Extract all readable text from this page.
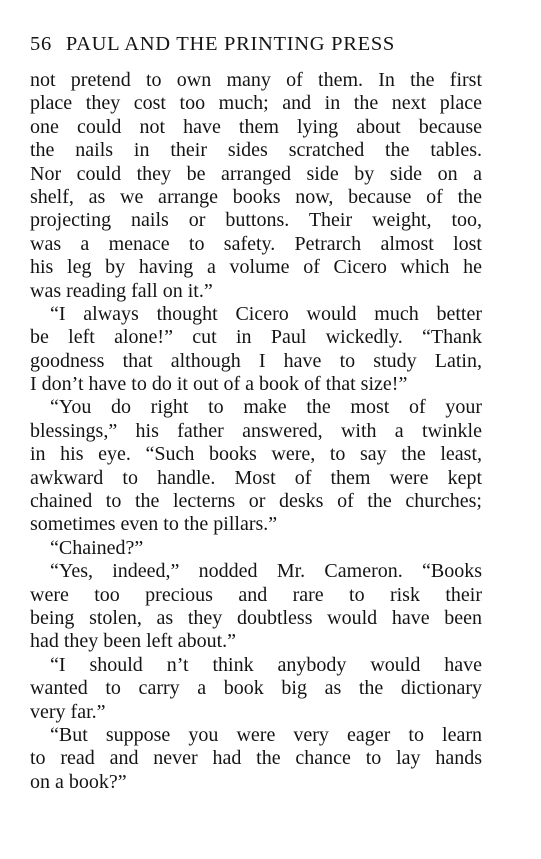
56 PAUL AND THE PRINTING PRESS
not pretend to own many of them. In the first
place they cost too much; and in the next place
one could not have them lying about because
the nails in their sides scratched the tables.
Nor could they be arranged side by side on a
shelf, as we arrange books now, because of the
projecting nails or buttons. Their weight, too,
was a menace to safety. Petrarch almost lost
his leg by having a volume of Cicero which he
was reading fall on it.”
“I always thought Cicero would much better
be left alone!” cut in Paul wickedly. “Thank
goodness that although I have to study Latin,
I don’t have to do it out of a book of that size!”
“You do right to make the most of your
blessings,” his father answered, with a twinkle
in his eye. “Such books were, to say the least,
awkward to handle. Most of them were kept
chained to the lecterns or desks of the churches;
sometimes even to the pillars.”
“Chained?”
“Yes, indeed,” nodded Mr. Cameron. “Books
were too precious and rare to risk their
being stolen, as they doubtless would have been
had they been left about.”
“I should n’t think anybody would have
wanted to carry a book big as the dictionary
very far.”
“But suppose you were very eager to learn
to read and never had the chance to lay hands
on a book?”
